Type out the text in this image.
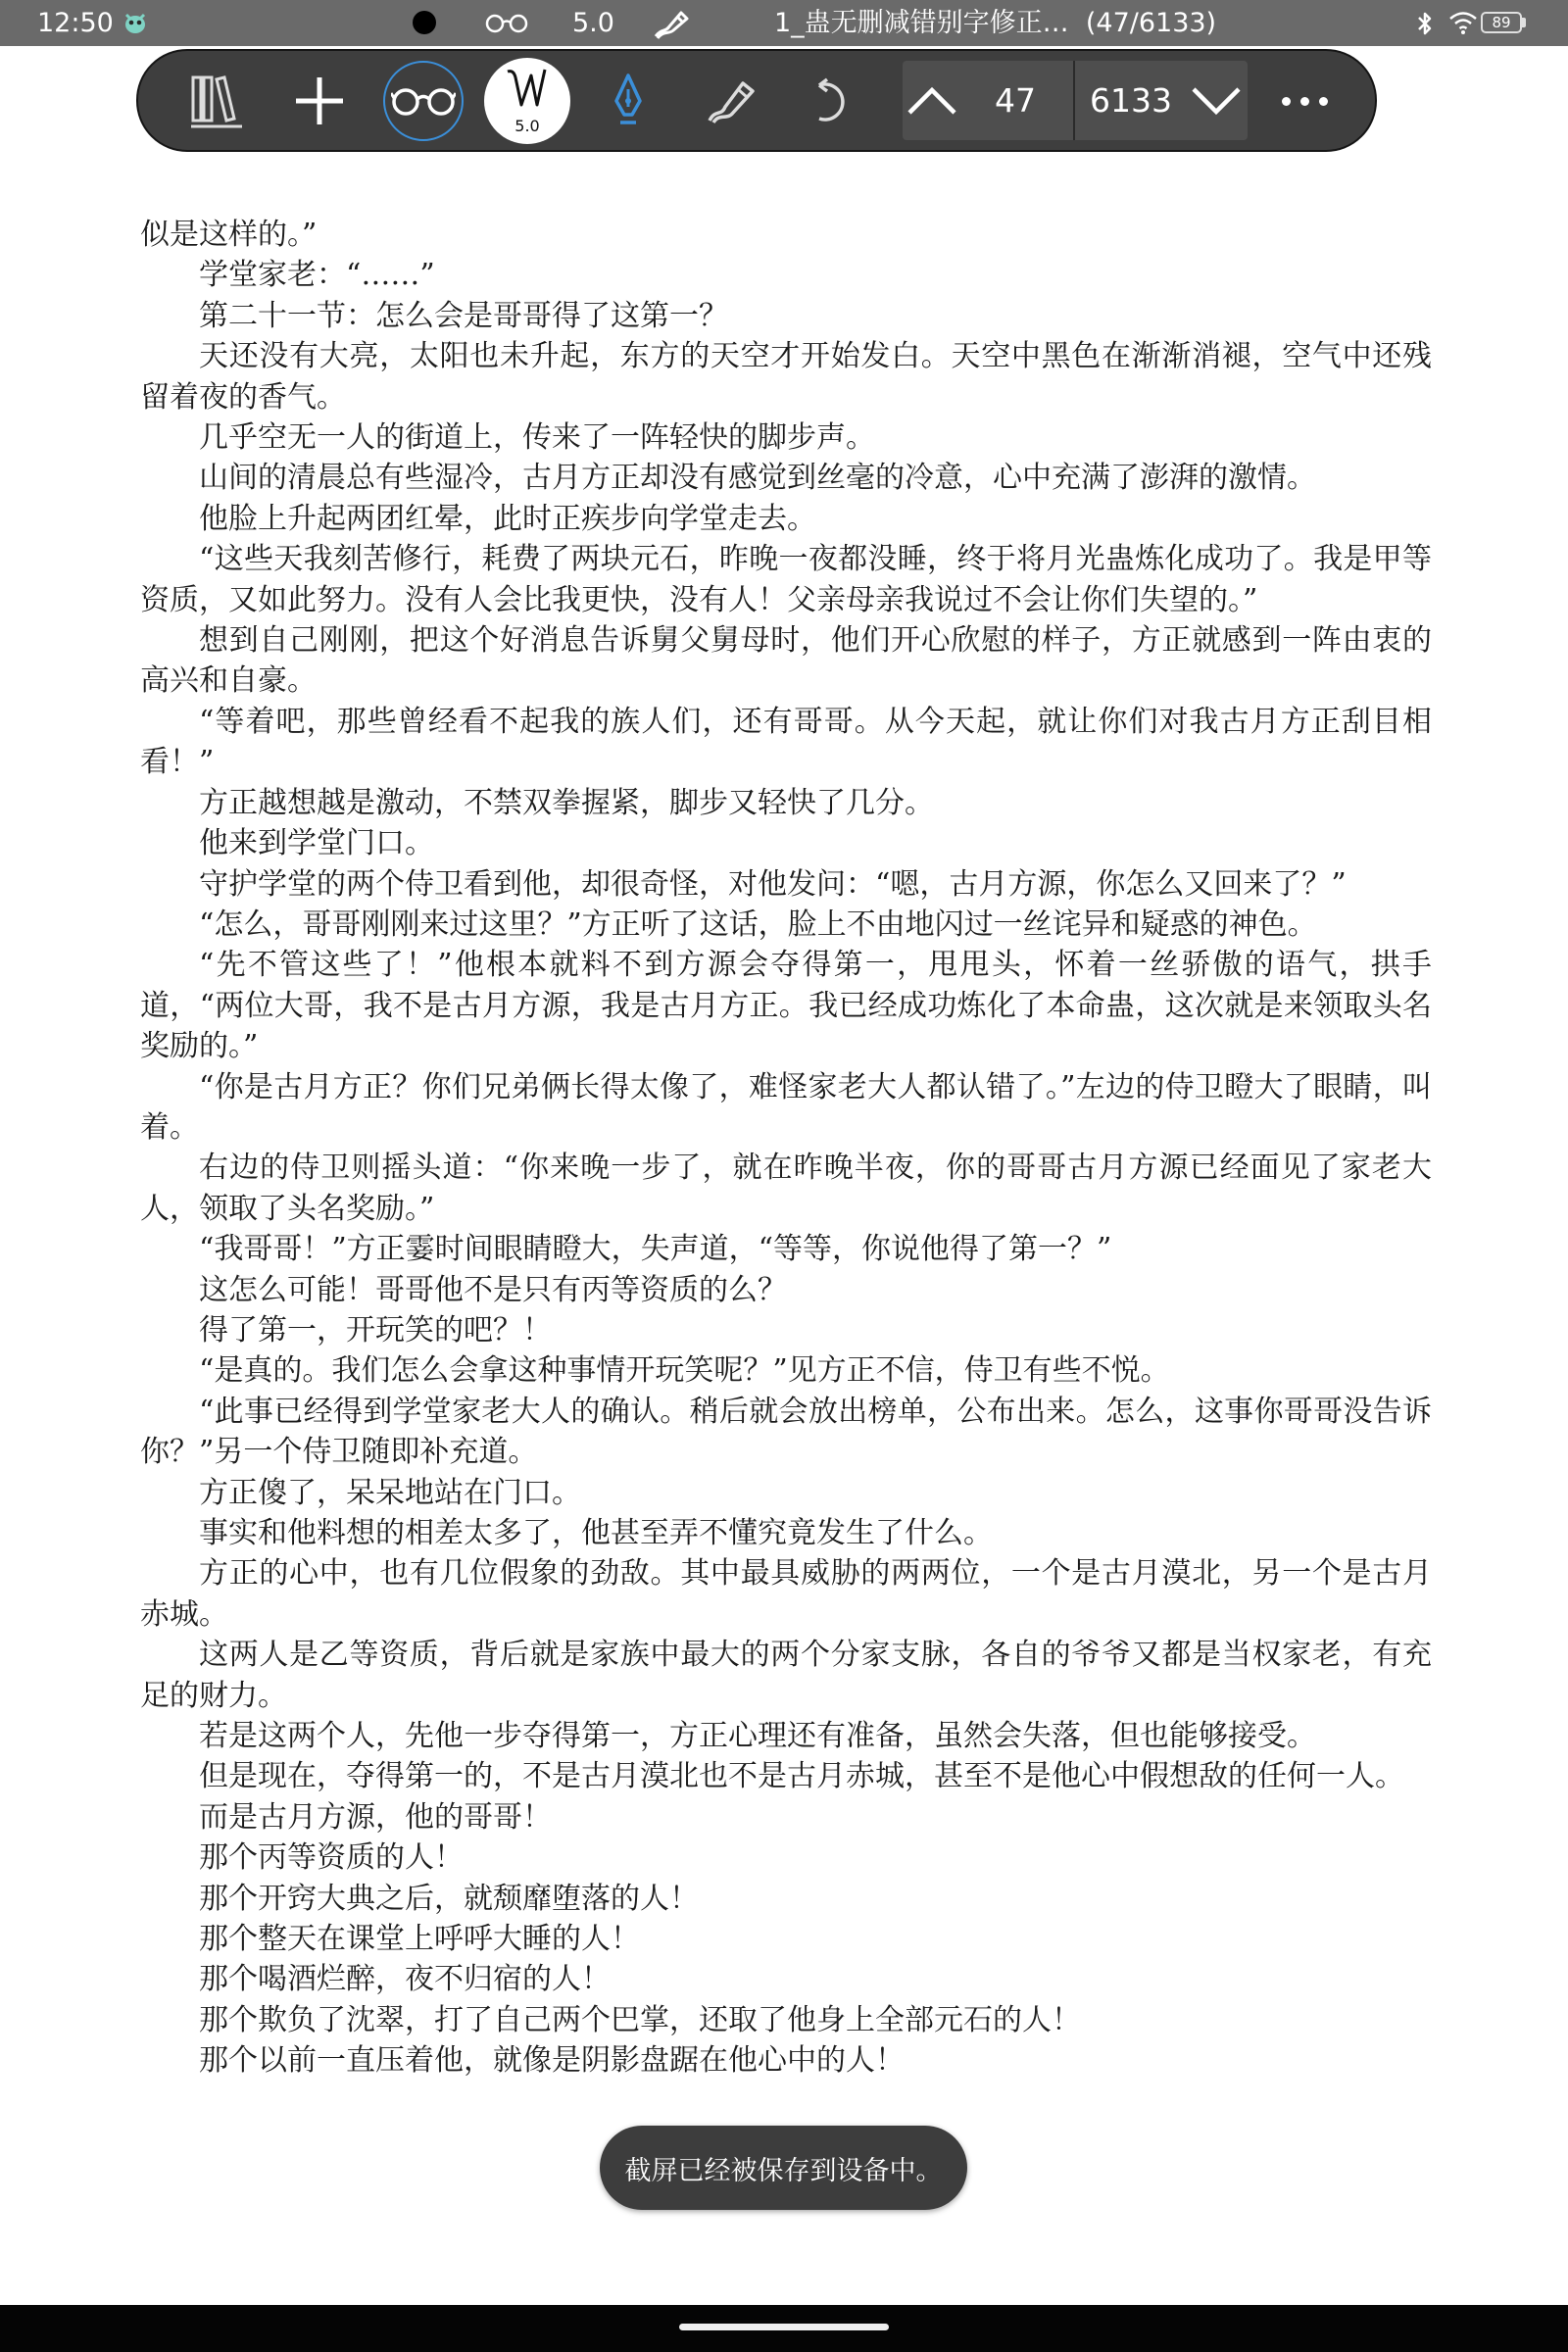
12:50	5.0	1_蛊无删减错别字修正… (47/6133)	89
5.0
47	6133

似是这样的。”

学堂家老：“……”

第二十一节：怎么会是哥哥得了这第一？

天还没有大亮，太阳也未升起，东方的天空才开始发白。天空中黑色在渐渐消褪，空气中还残留着夜的香气。

几乎空无一人的街道上，传来了一阵轻快的脚步声。

山间的清晨总有些湿冷，古月方正却没有感觉到丝毫的冷意，心中充满了澎湃的激情。

他脸上升起两团红晕，此时正疾步向学堂走去。

“这些天我刻苦修行，耗费了两块元石，昨晚一夜都没睡，终于将月光蛊炼化成功了。我是甲等资质，又如此努力。没有人会比我更快，没有人！父亲母亲我说过不会让你们失望的。”

想到自己刚刚，把这个好消息告诉舅父舅母时，他们开心欣慰的样子，方正就感到一阵由衷的高兴和自豪。

“等着吧，那些曾经看不起我的族人们，还有哥哥。从今天起，就让你们对我古月方正刮目相看！”

方正越想越是激动，不禁双拳握紧，脚步又轻快了几分。

他来到学堂门口。

守护学堂的两个侍卫看到他，却很奇怪，对他发问：“嗯，古月方源，你怎么又回来了？”

“怎么，哥哥刚刚来过这里？”方正听了这话，脸上不由地闪过一丝诧异和疑惑的神色。

“先不管这些了！”他根本就料不到方源会夺得第一，甩甩头，怀着一丝骄傲的语气，拱手道，“两位大哥，我不是古月方源，我是古月方正。我已经成功炼化了本命蛊，这次就是来领取头名奖励的。”

“你是古月方正？你们兄弟俩长得太像了，难怪家老大人都认错了。”左边的侍卫瞪大了眼睛，叫着。

右边的侍卫则摇头道：“你来晚一步了，就在昨晚半夜，你的哥哥古月方源已经面见了家老大人，领取了头名奖励。”

“我哥哥！”方正霎时间眼睛瞪大，失声道，“等等，你说他得了第一？”

这怎么可能！哥哥他不是只有丙等资质的么？

得了第一，开玩笑的吧？！

“是真的。我们怎么会拿这种事情开玩笑呢？”见方正不信，侍卫有些不悦。

“此事已经得到学堂家老大人的确认。稍后就会放出榜单，公布出来。怎么，这事你哥哥没告诉你？”另一个侍卫随即补充道。

方正傻了，呆呆地站在门口。

事实和他料想的相差太多了，他甚至弄不懂究竟发生了什么。

方正的心中，也有几位假象的劲敌。其中最具威胁的两两位，一个是古月漠北，另一个是古月赤城。

这两人是乙等资质，背后就是家族中最大的两个分家支脉，各自的爷爷又都是当权家老，有充足的财力。

若是这两个人，先他一步夺得第一，方正心理还有准备，虽然会失落，但也能够接受。

但是现在，夺得第一的，不是古月漠北也不是古月赤城，甚至不是他心中假想敌的任何一人。

而是古月方源，他的哥哥！

那个丙等资质的人！

那个开窍大典之后，就颓靡堕落的人！

那个整天在课堂上呼呼大睡的人！

那个喝酒烂醉，夜不归宿的人！

那个欺负了沈翠，打了自己两个巴掌，还取了他身上全部元石的人！

那个以前一直压着他，就像是阴影盘踞在他心中的人！

截屏已经被保存到设备中。
